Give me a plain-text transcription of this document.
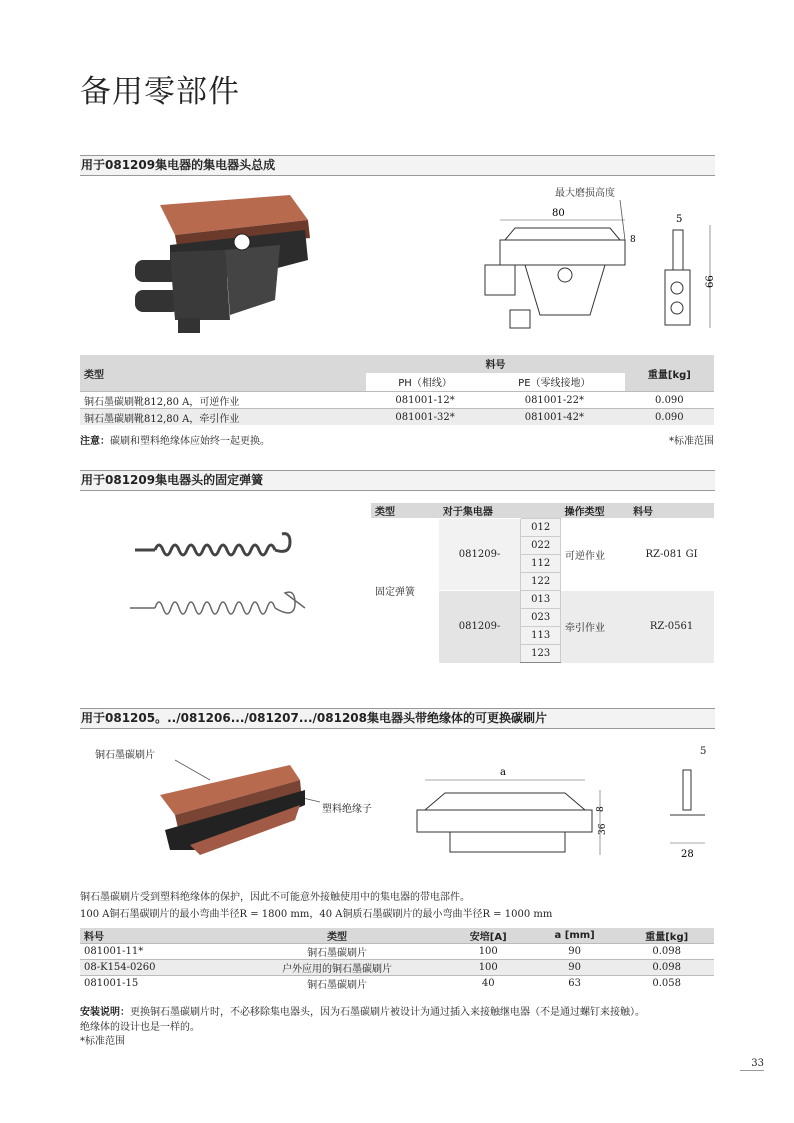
备用零部件
用于081209集电器的集电器头总成
最大磨损高度
80
8
5
66
类型	料号		重量[kg]
	PH（相线）	PE（零线接地）	
铜石墨碳刷靴812,80 A，可逆作业	081001-12*	081001-22*	0.090
铜石墨碳刷靴812,80 A，牵引作业	081001-32*	081001-42*	0.090
注意：碳刷和塑料绝缘体应始终一起更换。	*标准范围
用于081209集电器头的固定弹簧
类型	对于集电器		操作类型	料号
固定弹簧	081209-	012	可逆作业	RZ-081 GI
		022		
		112		
		122		
	081209-	013	牵引作业	RZ-0561
		023		
		113		
		123		
用于081205。../081206.../081207.../081208集电器头带绝缘体的可更换碳刷片
铜石墨碳刷片
塑料绝缘子
a
8
36
28
5
铜石墨碳刷片受到塑料绝缘体的保护，因此不可能意外接触使用中的集电器的带电部件。
100 A铜石墨碳刷片的最小弯曲半径R = 1800 mm，40 A铜质石墨碳刷片的最小弯曲半径R = 1000 mm
料号	类型	安培[A]	a [mm]	重量[kg]
081001-11*	铜石墨碳刷片	100	90	0.098
08-K154-0260	户外应用的铜石墨碳刷片	100	90	0.098
081001-15	铜石墨碳刷片	40	63	0.058
安装说明：更换铜石墨碳刷片时，不必移除集电器头，因为石墨碳刷片被设计为通过插入来接触继电器（不是通过螺钉来接触）。
绝缘体的设计也是一样的。
*标准范围
33
